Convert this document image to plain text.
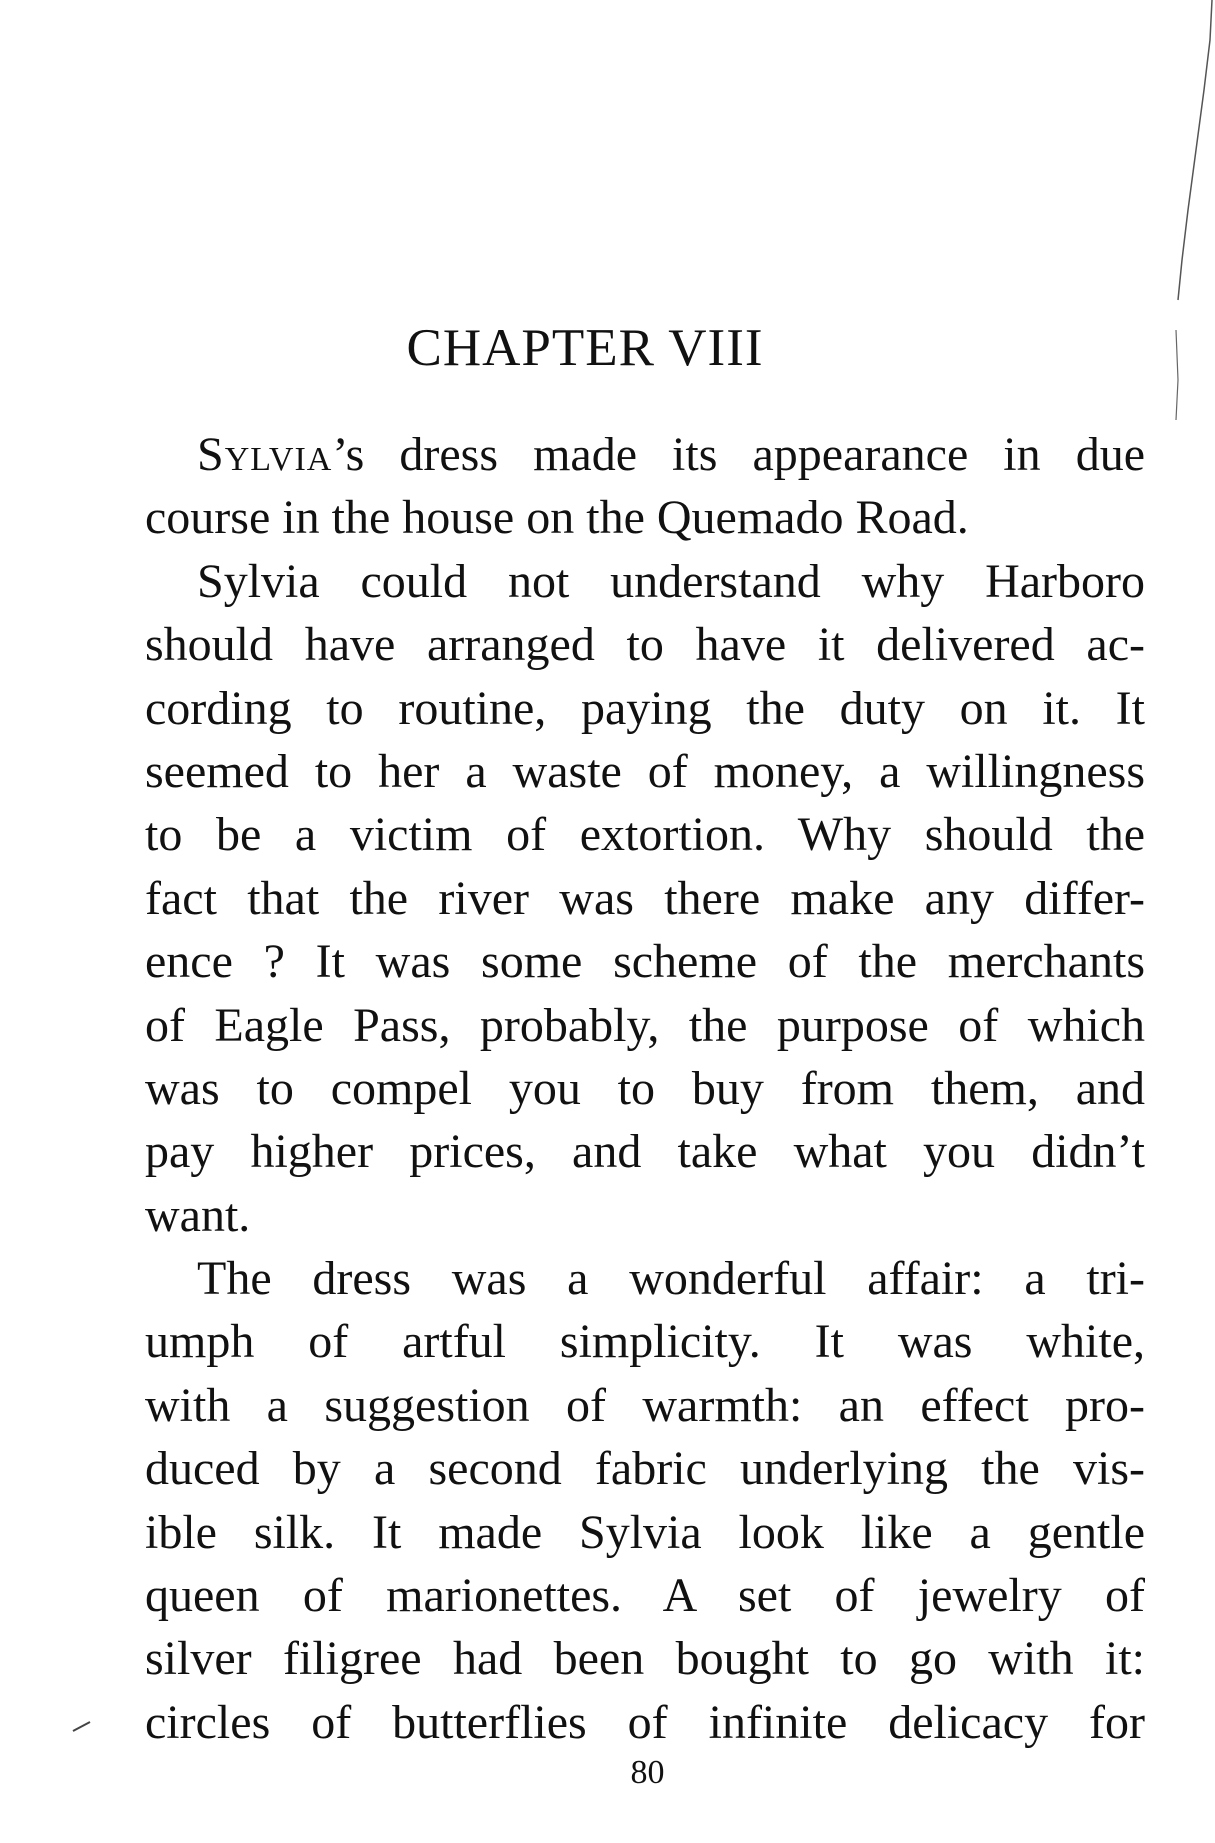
CHAPTER VIII
Sylvia’s dress made its appearance in due
course in the house on the Quemado Road.
Sylvia could not understand why Harboro
should have arranged to have it delivered ac-
cording to routine, paying the duty on it. It
seemed to her a waste of money, a willingness
to be a victim of extortion. Why should the
fact that the river was there make any differ-
ence ? It was some scheme of the merchants
of Eagle Pass, probably, the purpose of which
was to compel you to buy from them, and
pay higher prices, and take what you didn’t
want.
The dress was a wonderful affair: a tri-
umph of artful simplicity. It was white,
with a suggestion of warmth: an effect pro-
duced by a second fabric underlying the vis-
ible silk. It made Sylvia look like a gentle
queen of marionettes. A set of jewelry of
silver filigree had been bought to go with it:
circles of butterflies of infinite delicacy for
80
